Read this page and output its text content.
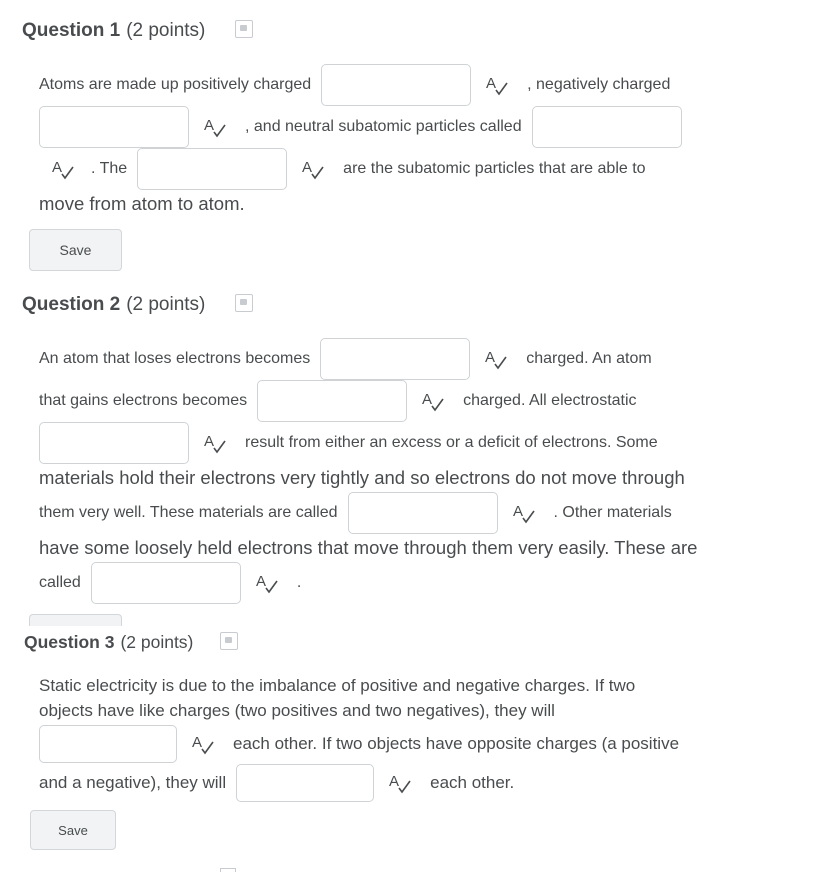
Question 1 (2 points)
Atoms are made up positively charged	A , negatively charged
A , and neutral subatomic particles called
A . The	A are the subatomic particles that are able to
move from atom to atom.
Save
Question 2 (2 points)
An atom that loses electrons becomes	A charged. An atom
that gains electrons becomes	A charged. All electrostatic
A result from either an excess or a deficit of electrons. Some
materials hold their electrons very tightly and so electrons do not move through
them very well. These materials are called	A . Other materials
have some loosely held electrons that move through them very easily. These are
called	A .
Question 3 (2 points)
Static electricity is due to the imbalance of positive and negative charges. If two
objects have like charges (two positives and two negatives), they will
A each other. If two objects have opposite charges (a positive
and a negative), they will	A each other.
Save
